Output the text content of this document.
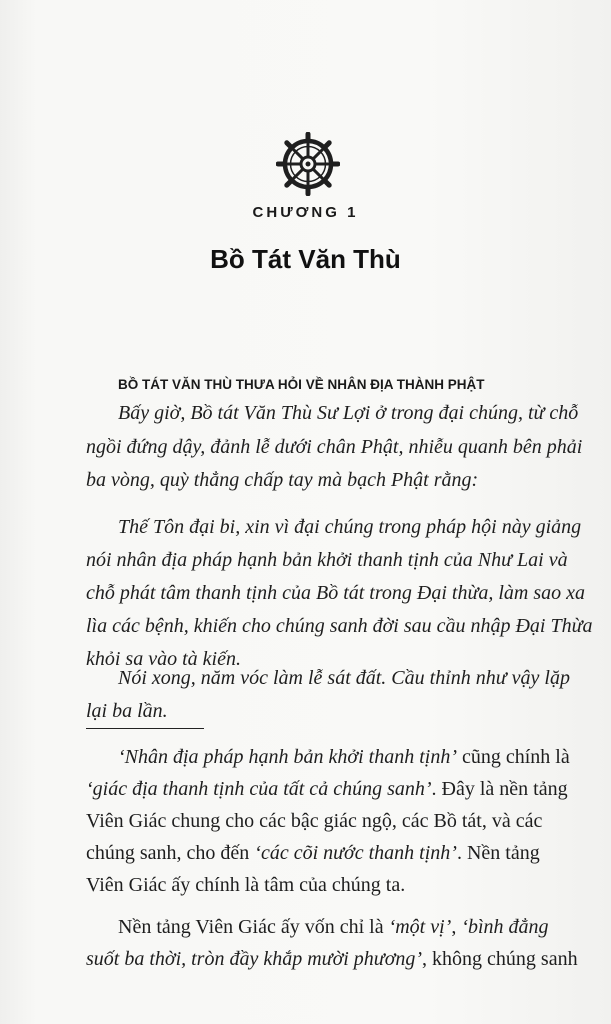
CHƯƠNG 1
Bồ Tát Văn Thù
BỒ TÁT VĂN THÙ THƯA HỎI VỀ NHÂN ĐỊA THÀNH PHẬT
Bấy giờ, Bồ tát Văn Thù Sư Lợi ở trong đại chúng, từ chỗ
ngồi đứng dậy, đảnh lễ dưới chân Phật, nhiễu quanh bên phải
ba vòng, quỳ thẳng chấp tay mà bạch Phật rằng:
Thế Tôn đại bi, xin vì đại chúng trong pháp hội này giảng
nói nhân địa pháp hạnh bản khởi thanh tịnh của Như Lai và
chỗ phát tâm thanh tịnh của Bồ tát trong Đại thừa, làm sao xa
lìa các bệnh, khiến cho chúng sanh đời sau cầu nhập Đại Thừa
khỏi sa vào tà kiến.
Nói xong, năm vóc làm lễ sát đất. Cầu thỉnh như vậy lặp
lại ba lần.
‘Nhân địa pháp hạnh bản khởi thanh tịnh’ cũng chính là
‘giác địa thanh tịnh của tất cả chúng sanh’. Đây là nền tảng
Viên Giác chung cho các bậc giác ngộ, các Bồ tát, và các
chúng sanh, cho đến ‘các cõi nước thanh tịnh’. Nền tảng
Viên Giác ấy chính là tâm của chúng ta.
Nền tảng Viên Giác ấy vốn chỉ là ‘một vị’, ‘bình đẳng
suốt ba thời, tròn đầy khắp mười phương’, không chúng sanh
